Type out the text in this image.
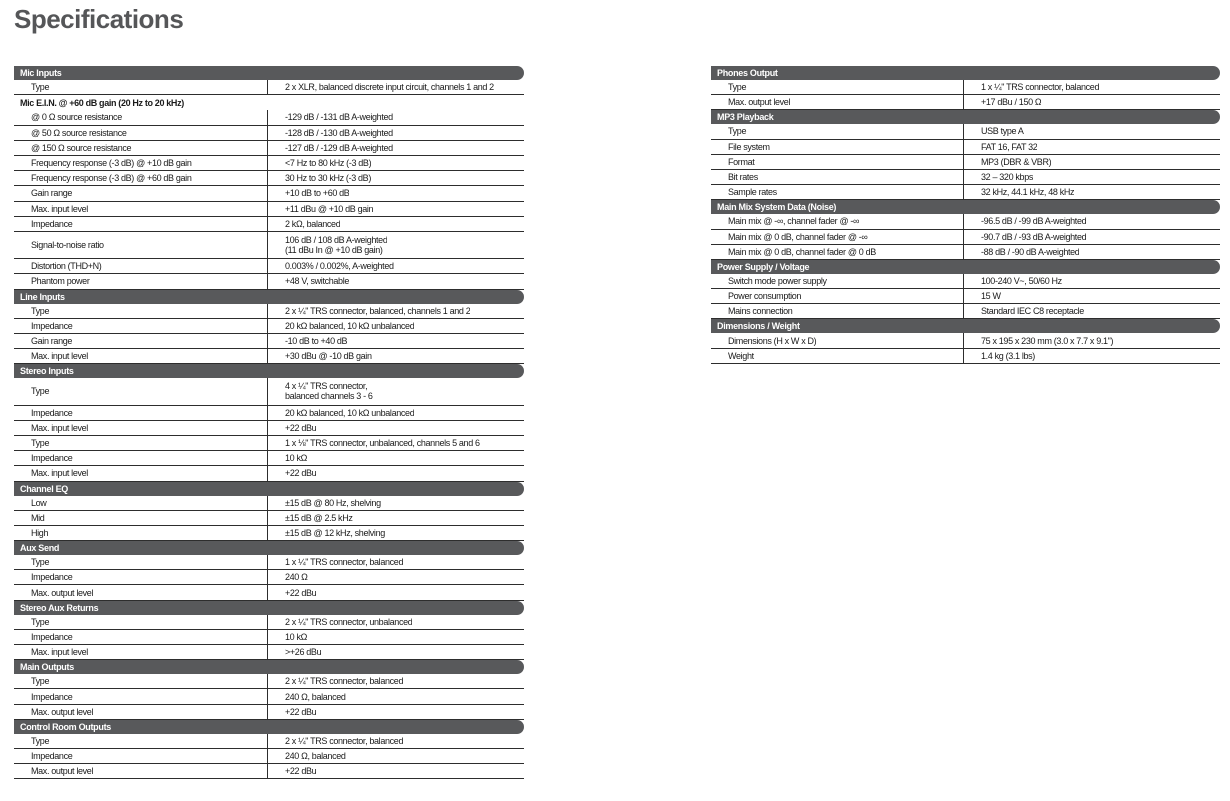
Specifications
Mic Inputs
Type	2 x XLR, balanced discrete input circuit, channels 1 and 2
Mic E.I.N. @ +60 dB gain (20 Hz to 20 kHz)
@ 0 Ω source resistance	-129 dB / -131 dB A-weighted
@ 50 Ω source resistance	-128 dB / -130 dB A-weighted
@ 150 Ω source resistance	-127 dB / -129 dB A-weighted
Frequency response (-3 dB) @ +10 dB gain	<7 Hz to 80 kHz (-3 dB)
Frequency response (-3 dB) @ +60 dB gain	30 Hz to 30 kHz (-3 dB)
Gain range	+10 dB to +60 dB
Max. input level	+11 dBu @ +10 dB gain
Impedance	2 kΩ, balanced
Signal-to-noise ratio	106 dB / 108 dB A-weighted
(11 dBu In @ +10 dB gain)
Distortion (THD+N)	0.003% / 0.002%, A-weighted
Phantom power	+48 V, switchable
Line Inputs
Type	2 x ¼" TRS connector, balanced, channels 1 and 2
Impedance	20 kΩ balanced, 10 kΩ unbalanced
Gain range	-10 dB to +40 dB
Max. input level	+30 dBu @ -10 dB gain
Stereo Inputs
Type	4 x ¼" TRS connector,
balanced channels 3 - 6
Impedance	20 kΩ balanced, 10 kΩ unbalanced
Max. input level	+22 dBu
Type	1 x ⅛" TRS connector, unbalanced, channels 5 and 6
Impedance	10 kΩ
Max. input level	+22 dBu
Channel EQ
Low	±15 dB @ 80 Hz, shelving
Mid	±15 dB @ 2.5 kHz
High	±15 dB @ 12 kHz, shelving
Aux Send
Type	1 x ¼" TRS connector, balanced
Impedance	240 Ω
Max. output level	+22 dBu
Stereo Aux Returns
Type	2 x ¼" TRS connector, unbalanced
Impedance	10 kΩ
Max. input level	>+26 dBu
Main Outputs
Type	2 x ¼" TRS connector, balanced
Impedance	240 Ω, balanced
Max. output level	+22 dBu
Control Room Outputs
Type	2 x ¼" TRS connector, balanced
Impedance	240 Ω, balanced
Max. output level	+22 dBu
Phones Output
Type	1 x ¼" TRS connector, balanced
Max. output level	+17 dBu / 150 Ω
MP3 Playback
Type	USB type A
File system	FAT 16, FAT 32
Format	MP3 (DBR & VBR)
Bit rates	32 – 320 kbps
Sample rates	32 kHz, 44.1 kHz, 48 kHz
Main Mix System Data (Noise)
Main mix @ -∞, channel fader @ -∞	-96.5 dB / -99 dB A-weighted
Main mix @ 0 dB, channel fader @ -∞	-90.7 dB / -93 dB A-weighted
Main mix @ 0 dB, channel fader @ 0 dB	-88 dB / -90 dB A-weighted
Power Supply / Voltage
Switch mode power supply	100-240 V~, 50/60 Hz
Power consumption	15 W
Mains connection	Standard IEC C8 receptacle
Dimensions / Weight
Dimensions (H x W x D)	75 x 195 x 230 mm (3.0 x 7.7 x 9.1")
Weight	1.4 kg (3.1 lbs)
